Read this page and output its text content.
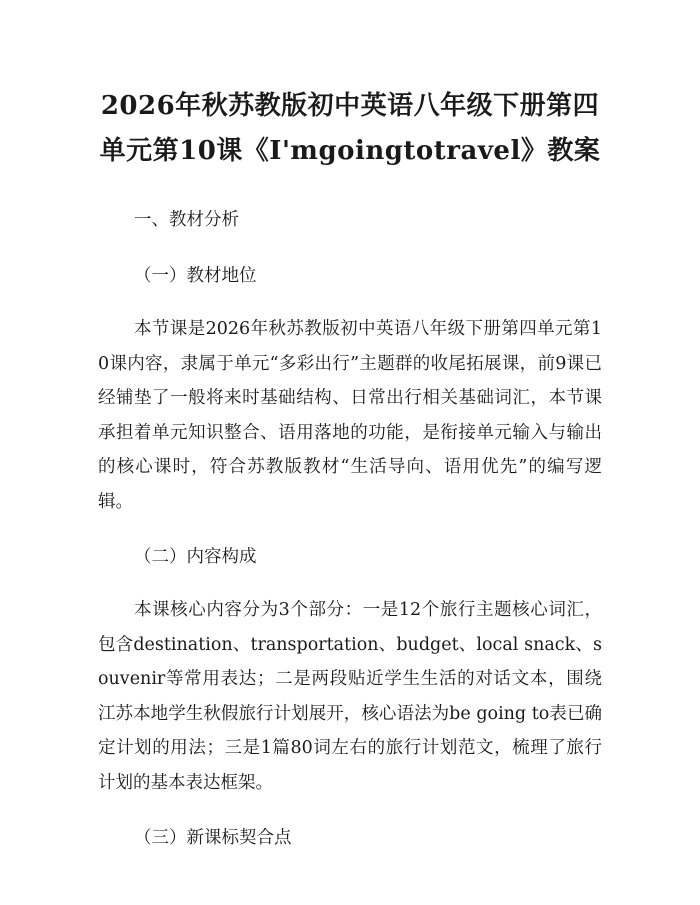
2026年秋苏教版初中英语八年级下册第四单元第10课《I'mgoingtotravel》教案
一、教材分析
（一）教材地位

本节课是2026年秋苏教版初中英语八年级下册第四单元第10课内容，隶属于单元“多彩出行”主题群的收尾拓展课，前9课已经铺垫了一般将来时基础结构、日常出行相关基础词汇，本节课承担着单元知识整合、语用落地的功能，是衔接单元输入与输出的核心课时，符合苏教版教材“生活导向、语用优先”的编写逻辑。

（二）内容构成

本课核心内容分为3个部分：一是12个旅行主题核心词汇，包含destination、transportation、budget、local snack、souvenir等常用表达；二是两段贴近学生生活的对话文本，围绕江苏本地学生秋假旅行计划展开，核心语法为be going to表已确定计划的用法；三是1篇80词左右的旅行计划范文，梳理了旅行计划的基本表达框架。

（三）新课标契合点
